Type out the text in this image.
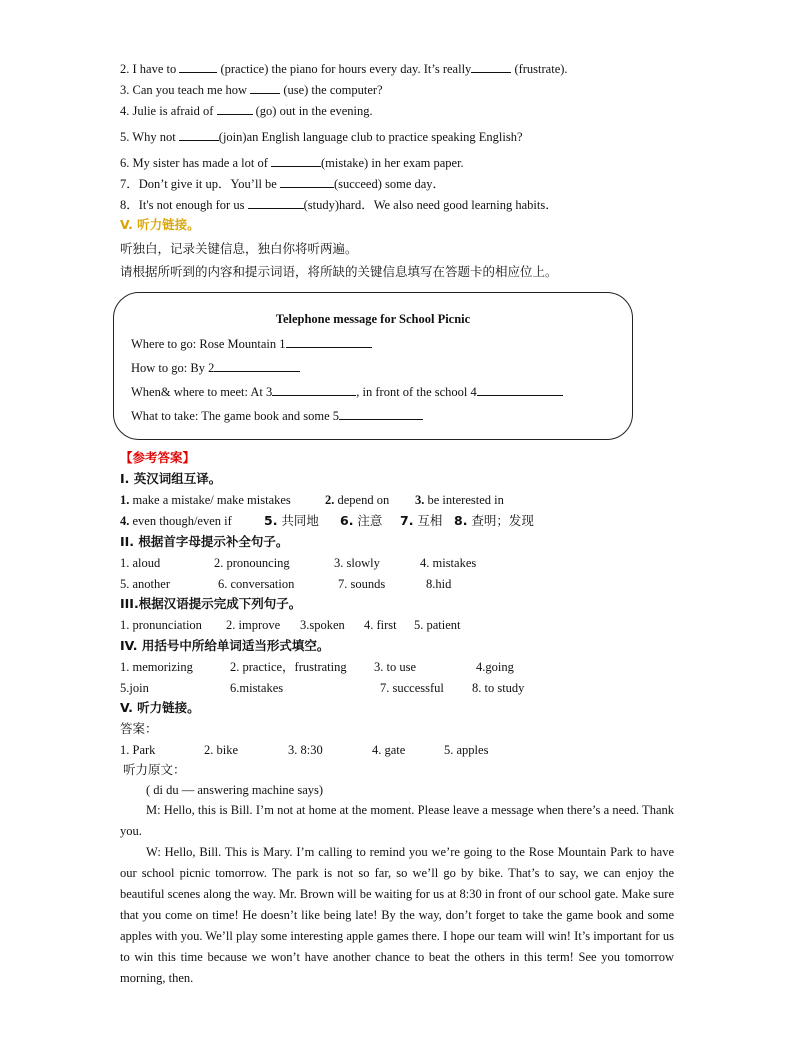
2. I have to	(practice) the piano for hours every day. It’s really	(frustrate).
3. Can you teach me how  (use) the computer?
4. Julie is afraid of	(go) out in the evening.
5. Why not	(join)an English language club to practice speaking English?
6. My sister has made a lot of	(mistake) in her exam paper.
7．Don’t give it up．You’ll be	(succeed) some day．
8．It's not enough for us	(study)hard．We also need good learning habits．
V. 听力链接。
听独白，记录关键信息，独白你将听两遍。
请根据所听到的内容和提示词语，将所缺的关键信息填写在答题卡的相应位上。
Telephone message for School Picnic
Where to go: Rose Mountain 1
How to go: By 2
When& where to meet: At 3	, in front of the school 4
What to take: The game book and some 5
【参考答案】
I. 英汉词组互译。
1. make a mistake/ make mistakes	2. depend on 3. be interested in
4. even though/even if	5. 共同地 6. 注意 7. 互相 8. 查明；发现
II. 根据首字母提示补全句子。
1. aloud	2. pronouncing	3. slowly	4. mistakes
5. another	6. conversation	7. sounds	8.hid
III.根据汉语提示完成下列句子。
1. pronunciation 2. improve 3.spoken 4. first 5. patient
IV. 用括号中所给单词适当形式填空。
1. memorizing	2. practice，frustrating 3. to use	4.going
5.join	6.mistakes	7. successful 8. to study
V. 听力链接。
答案：
1. Park	2. bike	3. 8:30	4. gate	5. apples
听力原文：
( di du — answering machine says)
M: Hello, this is Bill. I’m not at home at the moment. Please leave a message when there’s a need. Thank you.
W: Hello, Bill. This is Mary. I’m calling to remind you we’re going to the Rose Mountain Park to have our school picnic tomorrow. The park is not so far, so we’ll go by bike. That’s to say, we can enjoy the beautiful scenes along the way. Mr. Brown will be waiting for us at 8:30 in front of our school gate. Make sure that you come on time! He doesn’t like being late! By the way, don’t forget to take the game book and some apples with you. We’ll play some interesting apple games there. I hope our team will win! It’s important for us to win this time because we won’t have another chance to beat the others in this term! See you tomorrow morning, then.
